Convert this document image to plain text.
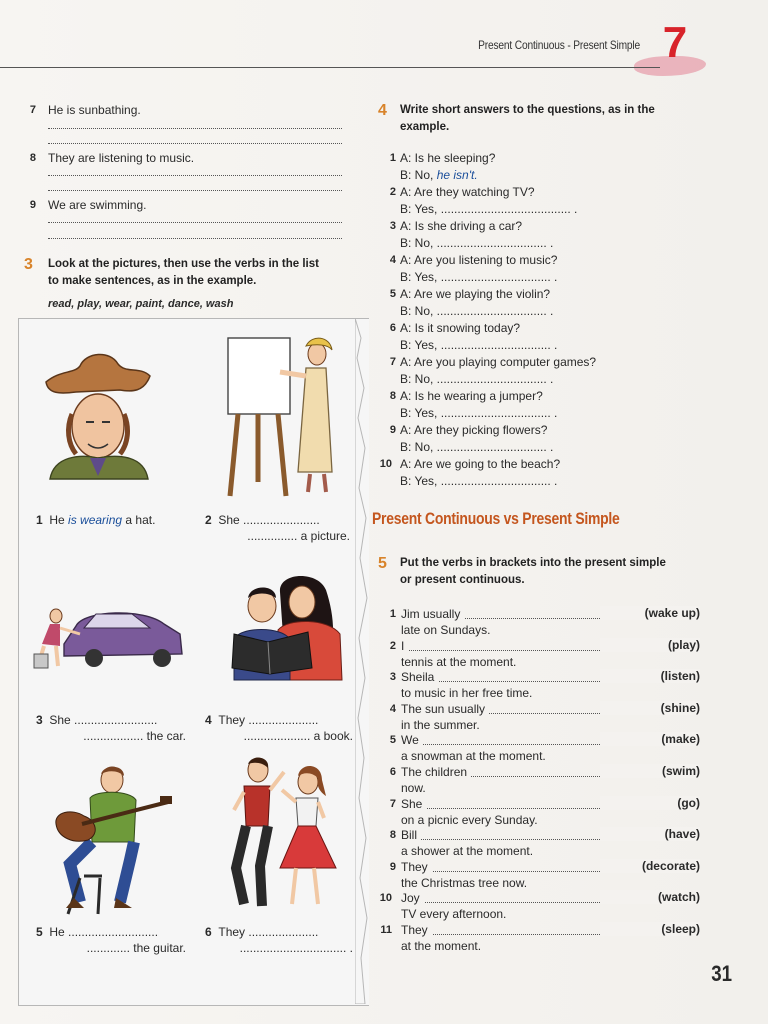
Present Continuous - Present Simple 7
7 He is sunbathing.
8 They are listening to music.
9 We are swimming.
3 Look at the pictures, then use the verbs in the list
to make sentences, as in the example.
read, play, wear, paint, dance, wash
1 He is wearing a hat.	2 She .......................
............... a picture.
3 She .........................
.................. the car.
4 They .....................
.................... a book.
5 He ...........................
............. the guitar.
6 They .....................
................................ .
4 Write short answers to the questions, as in the
example.
1 A: Is he sleeping?
B: No, he isn't.
2 A: Are they watching TV?
B: Yes, ....................................... .
3 A: Is she driving a car?
B: No, ................................. .
4 A: Are you listening to music?
B: Yes, ................................. .
5 A: Are we playing the violin?
B: No, ................................. .
6 A: Is it snowing today?
B: Yes, ................................. .
7 A: Are you playing computer games?
B: No, ................................. .
8 A: Is he wearing a jumper?
B: Yes, ................................. .
9 A: Are they picking flowers?
B: No, ................................. .
10 A: Are we going to the beach?
B: Yes, ................................. .
Present Continuous vs Present Simple
5 Put the verbs in brackets into the present simple
or present continuous.
1 Jim usually	(wake up)
late on Sundays.
2 I	(play)
tennis at the moment.
3 Sheila	(listen)
to music in her free time.
4 The sun usually	(shine)
in the summer.
5 We	(make)
a snowman at the moment.
6 The children	(swim)
now.
7 She	(go)
on a picnic every Sunday.
8 Bill	(have)
a shower at the moment.
9 They	(decorate)
the Christmas tree now.
10 Joy	(watch)
TV every afternoon.
11 They	(sleep)
at the moment.
31
